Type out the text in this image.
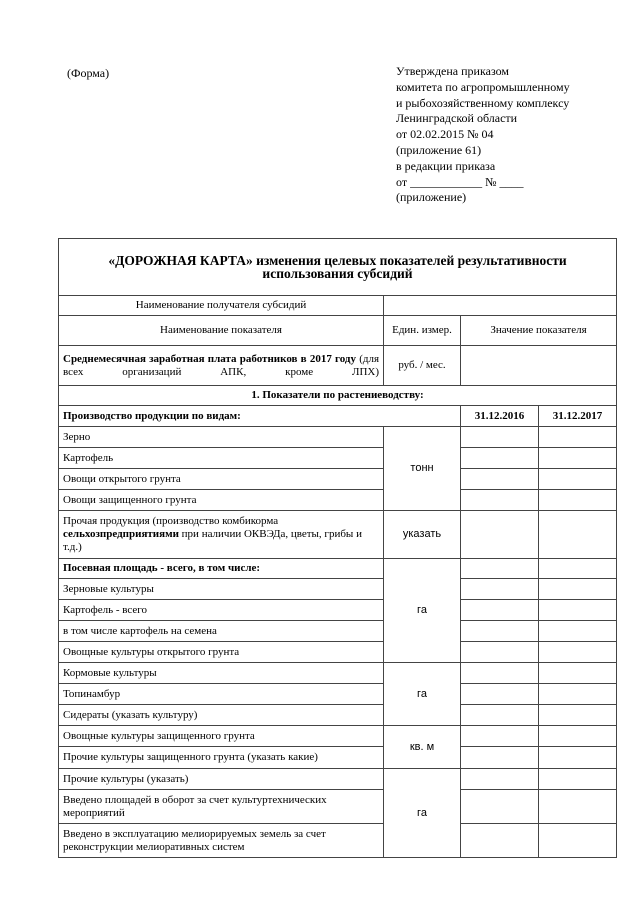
(Форма)	Утверждена приказом
комитета по агропромышленному
и рыбохозяйственному комплексу
Ленинградской области
от 02.02.2015 № 04
(приложение 61)
в редакции приказа
от ____________ № ____
(приложение)
«ДОРОЖНАЯ КАРТА» изменения целевых показателей результативности использования субсидий			
Наименование получателя субсидий			
Наименование показателя	Един. измер.	Значение показателя	
Среднемесячная заработная плата работников в 2017 году (для всех организаций АПК, кроме ЛПХ)	руб. / мес.		
1. Показатели по растениеводству:			
Производство продукции по видам:		31.12.2016	31.12.2017
Зерно	тонн		
Картофель			
Овощи открытого грунта			
Овощи защищенного грунта			
Прочая продукция (производство комбикорма сельхозпредприятиями при наличии ОКВЭДа, цветы, грибы и т.д.)	указать		
Посевная площадь - всего, в том числе:	га		
Зерновые культуры			
Картофель - всего			
в том числе картофель на семена			
Овощные культуры открытого грунта			
Кормовые культуры	га		
Топинамбур			
Сидераты (указать культуру)			
Овощные культуры защищенного грунта	кв. м		
Прочие культуры защищенного грунта (указать какие)			
Прочие культуры (указать)	га		
Введено площадей в оборот за счет культуртехнических мероприятий			
Введено в эксплуатацию мелиорируемых земель за счет реконструкции мелиоративных систем			
